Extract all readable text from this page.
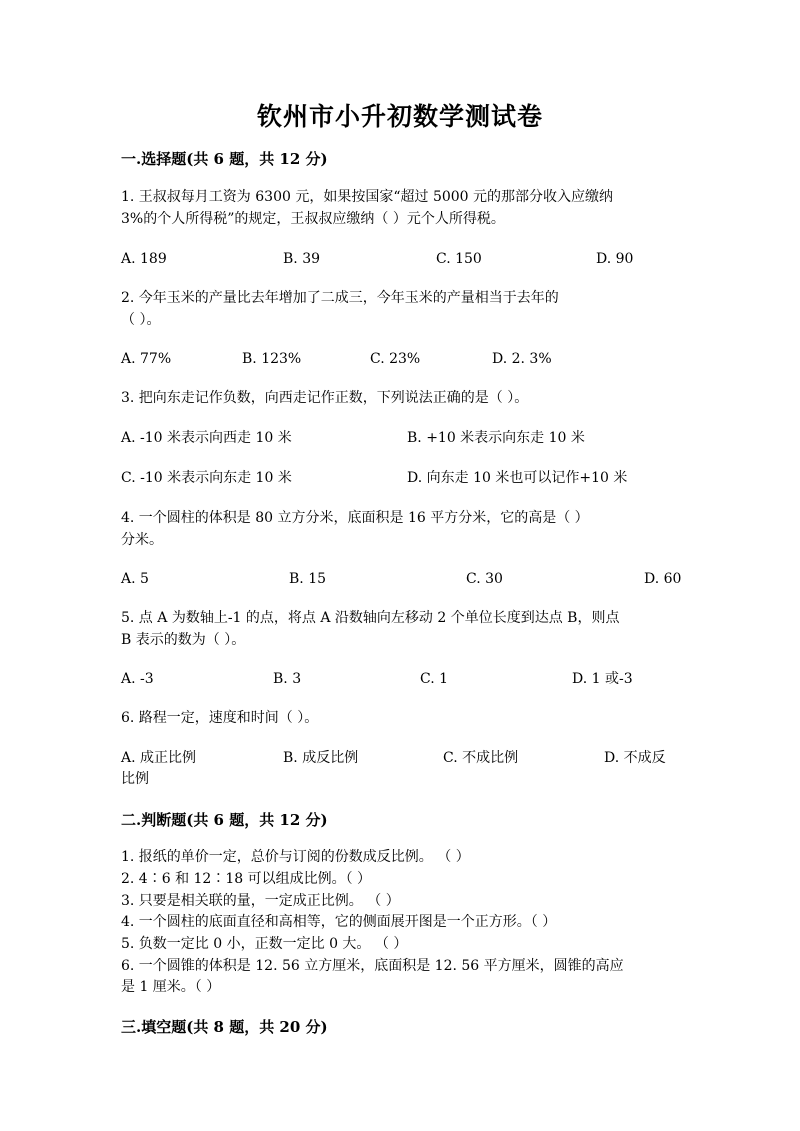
钦州市小升初数学测试卷
一.选择题(共 6 题，共 12 分)
1. 王叔叔每月工资为 6300 元，如果按国家“超过 5000 元的那部分收入应缴纳
3%的个人所得税”的规定，王叔叔应缴纳（ ）元个人所得税。
A. 189	B. 39	C. 150	D. 90
2. 今年玉米的产量比去年增加了二成三，今年玉米的产量相当于去年的
（ ）。
A. 77%	B. 123%	C. 23%	D. 2. 3%
3. 把向东走记作负数，向西走记作正数，下列说法正确的是（ ）。
A. -10 米表示向西走 10 米	B. +10 米表示向东走 10 米
C. -10 米表示向东走 10 米	D. 向东走 10 米也可以记作+10 米
4. 一个圆柱的体积是 80 立方分米，底面积是 16 平方分米，它的高是（ ）
分米。
A. 5	B. 15	C. 30	D. 60
5. 点 A 为数轴上-1 的点，将点 A 沿数轴向左移动 2 个单位长度到达点 B，则点
B 表示的数为（ ）。
A. -3	B. 3	C. 1	D. 1 或-3
6. 路程一定，速度和时间（ ）。
A. 成正比例	B. 成反比例	C. 不成比例	D. 不成反
比例
二.判断题(共 6 题，共 12 分)
1. 报纸的单价一定，总价与订阅的份数成反比例。 （ ）
2. 4∶6 和 12∶18 可以组成比例。（ ）
3. 只要是相关联的量，一定成正比例。 （ ）
4. 一个圆柱的底面直径和高相等，它的侧面展开图是一个正方形。（ ）
5. 负数一定比 0 小，正数一定比 0 大。 （ ）
6. 一个圆锥的体积是 12. 56 立方厘米，底面积是 12. 56 平方厘米，圆锥的高应
是 1 厘米。（ ）
三.填空题(共 8 题，共 20 分)
